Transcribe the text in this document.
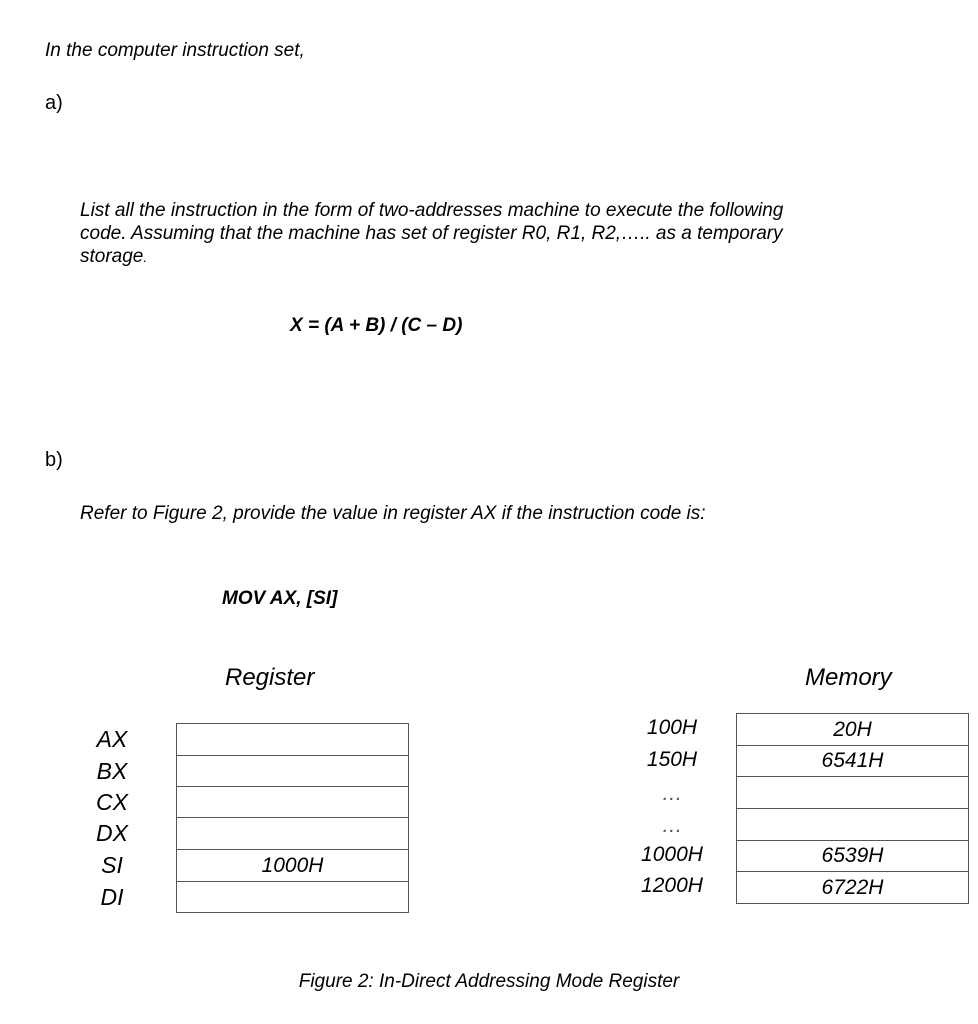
In the computer instruction set,
a)
List all the instruction in the form of two-addresses machine to execute the following
code. Assuming that the machine has set of register R0, R1, R2,….. as a temporary
storage.
X = (A + B) / (C – D)
b)
Refer to Figure 2, provide the value in register AX if the instruction code is:
MOV AX, [SI]
Register	Memory
AX
BX
CX
DX
SI
DI
1000H
100H
150H
…
…
1000H
1200H
20H
6541H
6539H
6722H
Figure 2: In-Direct Addressing Mode Register
